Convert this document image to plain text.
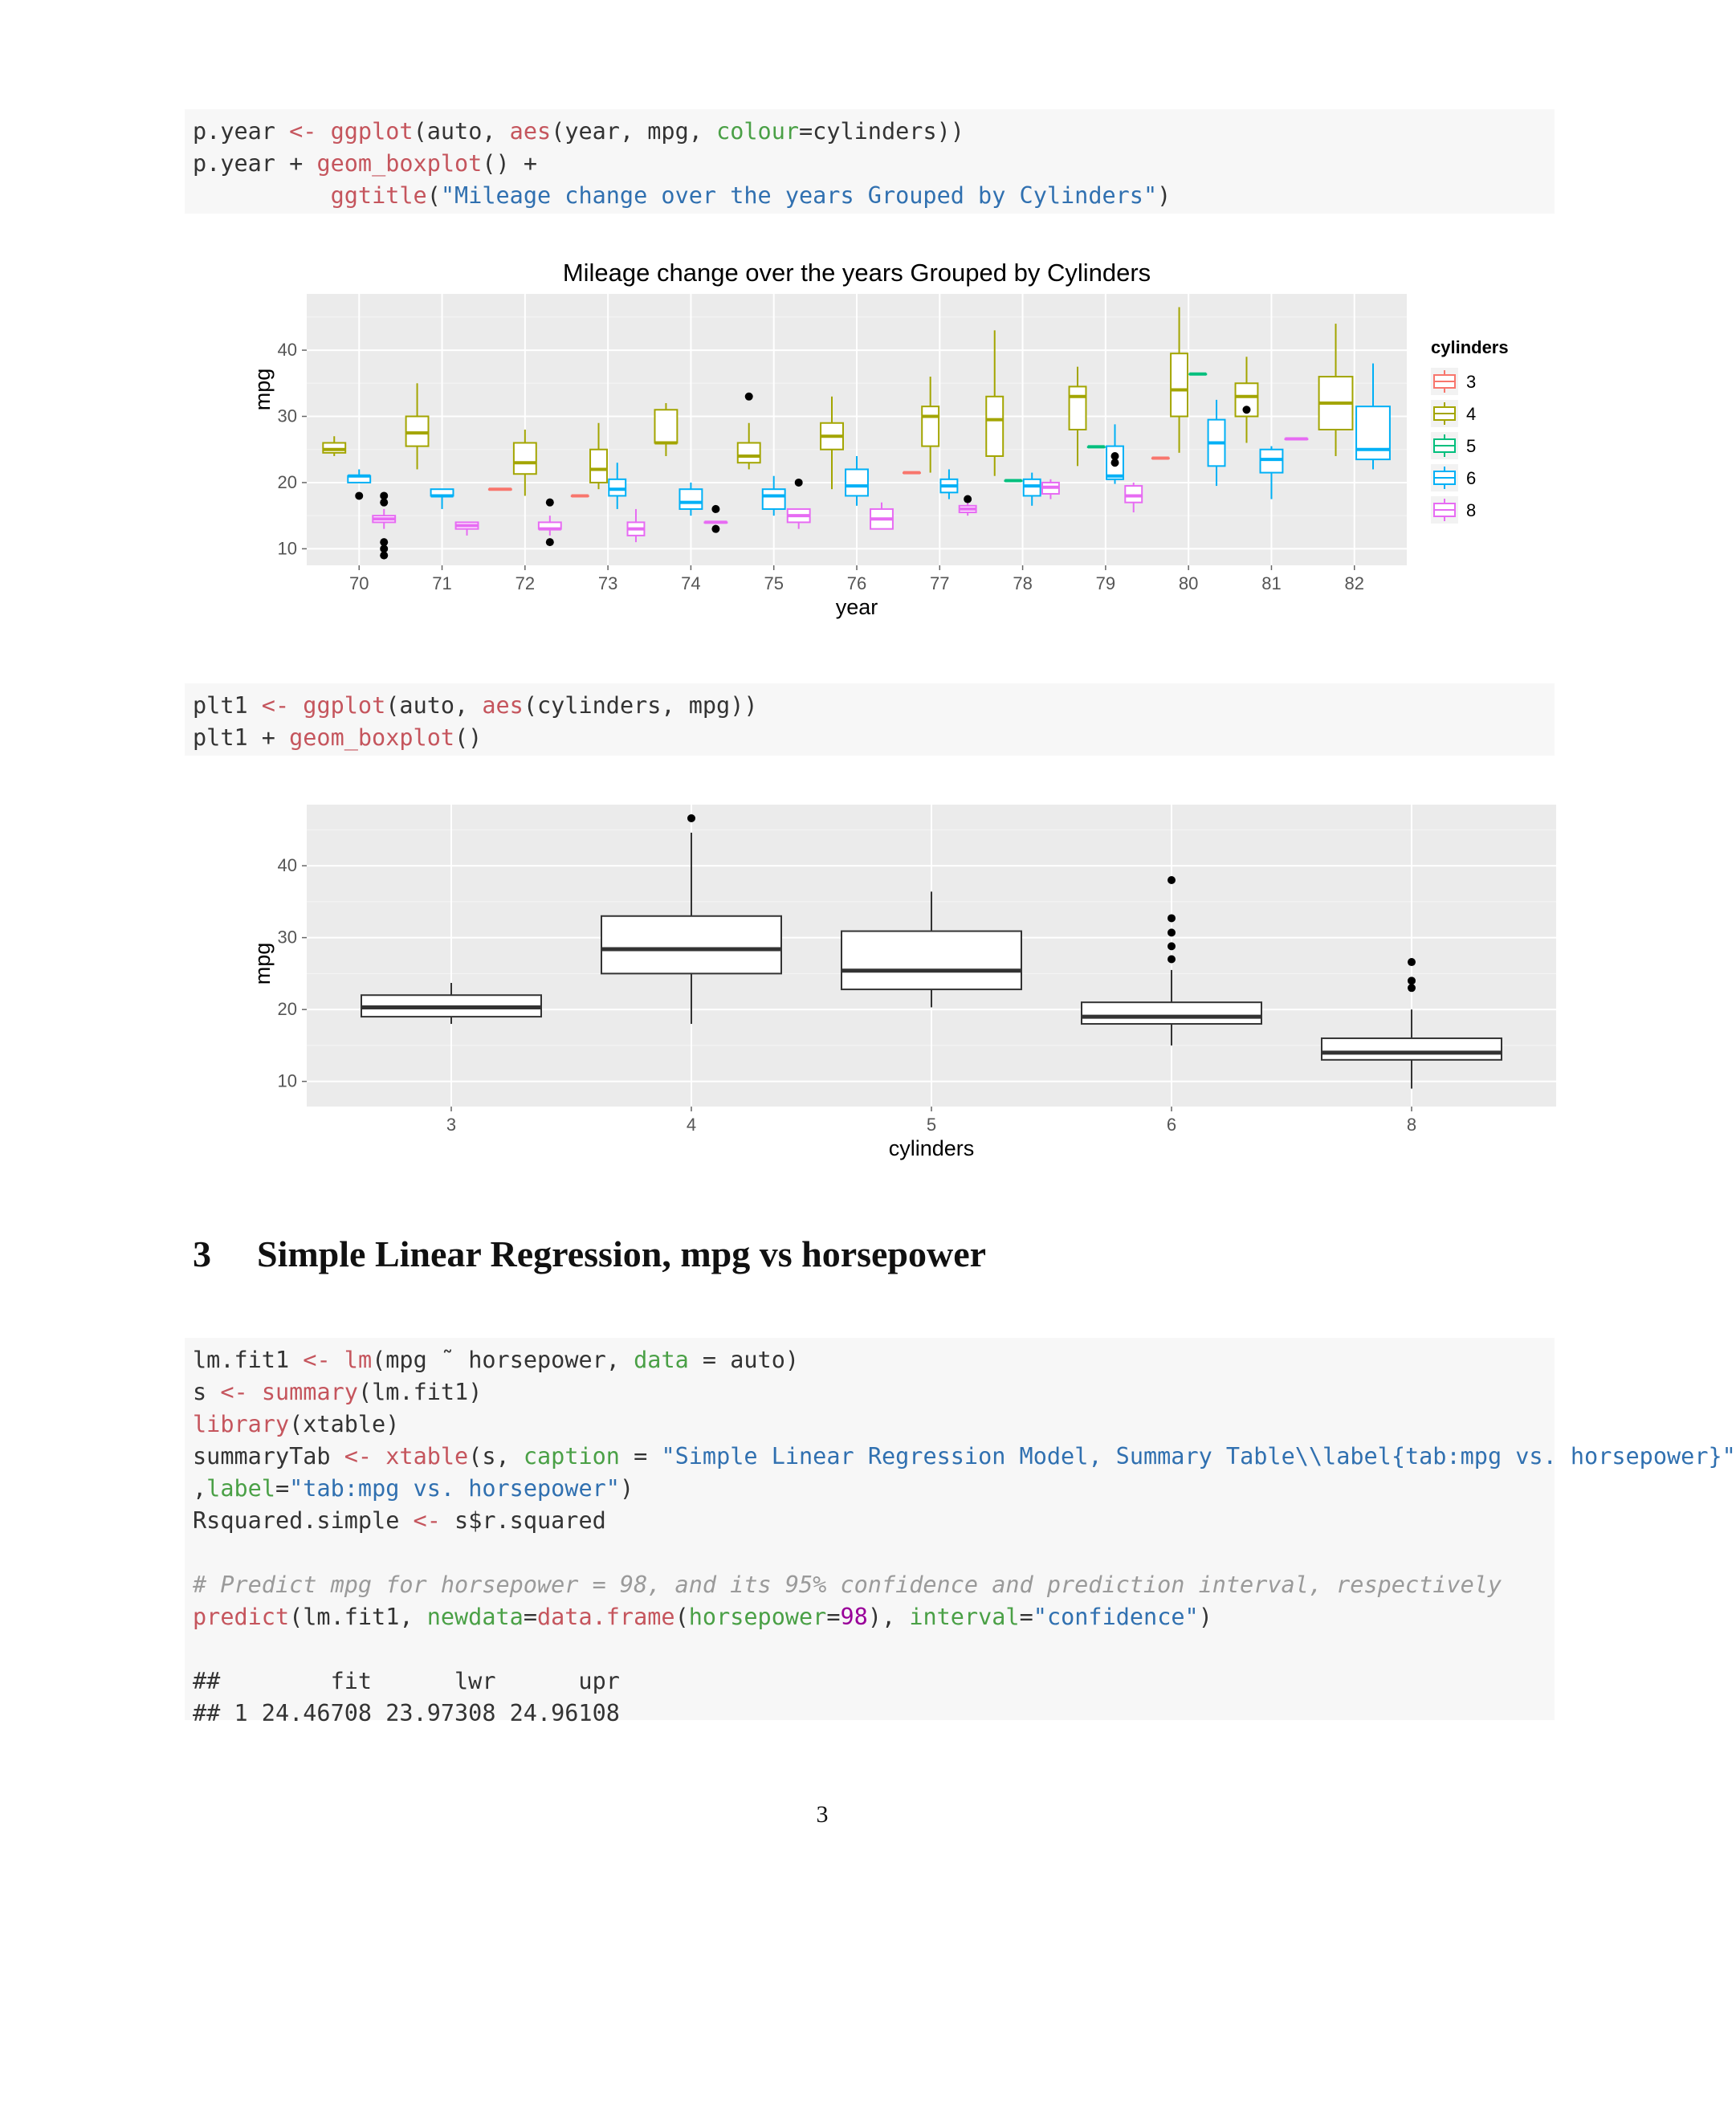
p.year <- ggplot(auto, aes(year, mpg, colour=cylinders))
p.year + geom_boxplot() +
ggtitle("Mileage change over the years Grouped by Cylinders")
Mileage change over the years Grouped by Cylinders
10
20
30
40
70	71	72	73	74	75	76	77	78	79	80	81	82
year
mpg
cylinders
3
4
5
6
8
plt1 <- ggplot(auto, aes(cylinders, mpg))
plt1 + geom_boxplot()
10
20
30
40
3	4	5	6	8
cylinders
mpg
3 Simple Linear Regression, mpg vs horsepower
lm.fit1 <- lm(mpg ˜ horsepower, data = auto)
s <- summary(lm.fit1)
library(xtable)
summaryTab <- xtable(s, caption = "Simple Linear Regression Model, Summary Table\\label{tab:mpg vs. horsepower}"
,label="tab:mpg vs. horsepower")
Rsquared.simple <- s$r.squared
# Predict mpg for horsepower = 98, and its 95% confidence and prediction interval, respectively
predict(lm.fit1, newdata=data.frame(horsepower=98), interval="confidence")
##        fit      lwr      upr
## 1 24.46708 23.97308 24.96108
3
